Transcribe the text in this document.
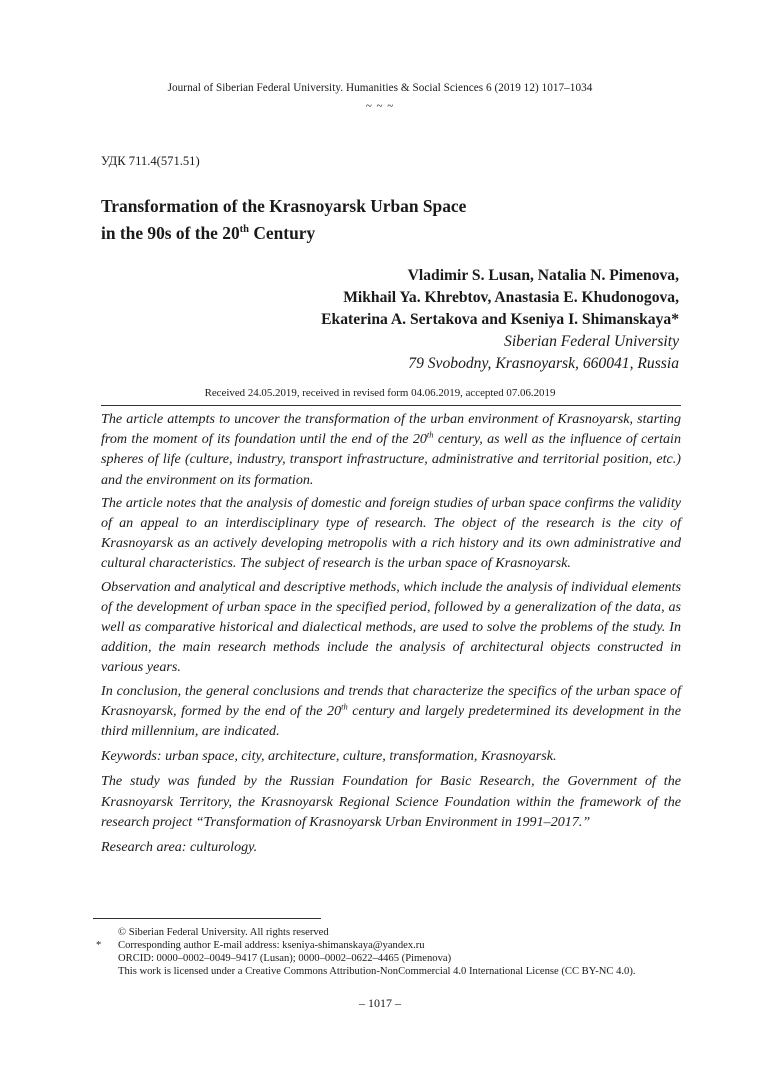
Journal of Siberian Federal University. Humanities & Social Sciences 6 (2019 12) 1017–1034
~ ~ ~
УДК 711.4(571.51)
Transformation of the Krasnoyarsk Urban Space
in the 90s of the 20th Century
Vladimir S. Lusan, Natalia N. Pimenova,
Mikhail Ya. Khrebtov, Anastasia E. Khudonogova,
Ekaterina A. Sertakova and Kseniya I. Shimanskaya*
Siberian Federal University
79 Svobodny, Krasnoyarsk, 660041, Russia
Received 24.05.2019, received in revised form 04.06.2019, accepted 07.06.2019

The article attempts to uncover the transformation of the urban environment of Krasnoyarsk, starting from the moment of its foundation until the end of the 20th century, as well as the influence of certain spheres of life (culture, industry, transport infrastructure, administrative and territorial position, etc.) and the environment on its formation.

The article notes that the analysis of domestic and foreign studies of urban space confirms the validity of an appeal to an interdisciplinary type of research. The object of the research is the city of Krasnoyarsk as an actively developing metropolis with a rich history and its own administrative and cultural characteristics. The subject of research is the urban space of Krasnoyarsk.

Observation and analytical and descriptive methods, which include the analysis of individual elements of the development of urban space in the specified period, followed by a generalization of the data, as well as comparative historical and dialectical methods, are used to solve the problems of the study. In addition, the main research methods include the analysis of architectural objects constructed in various years.

In conclusion, the general conclusions and trends that characterize the specifics of the urban space of Krasnoyarsk, formed by the end of the 20th century and largely predetermined its development in the third millennium, are indicated.

Keywords: urban space, city, architecture, culture, transformation, Krasnoyarsk.

The study was funded by the Russian Foundation for Basic Research, the Government of the Krasnoyarsk Territory, the Krasnoyarsk Regional Science Foundation within the framework of the research project “Transformation of Krasnoyarsk Urban Environment in 1991–2017.”

Research area: culturology.

© Siberian Federal University. All rights reserved
* Corresponding author E-mail address: kseniya-shimanskaya@yandex.ru
ORCID: 0000–0002–0049–9417 (Lusan); 0000–0002–0622–4465 (Pimenova)
This work is licensed under a Creative Commons Attribution-NonCommercial 4.0 International License (CC BY-NC 4.0).
– 1017 –
